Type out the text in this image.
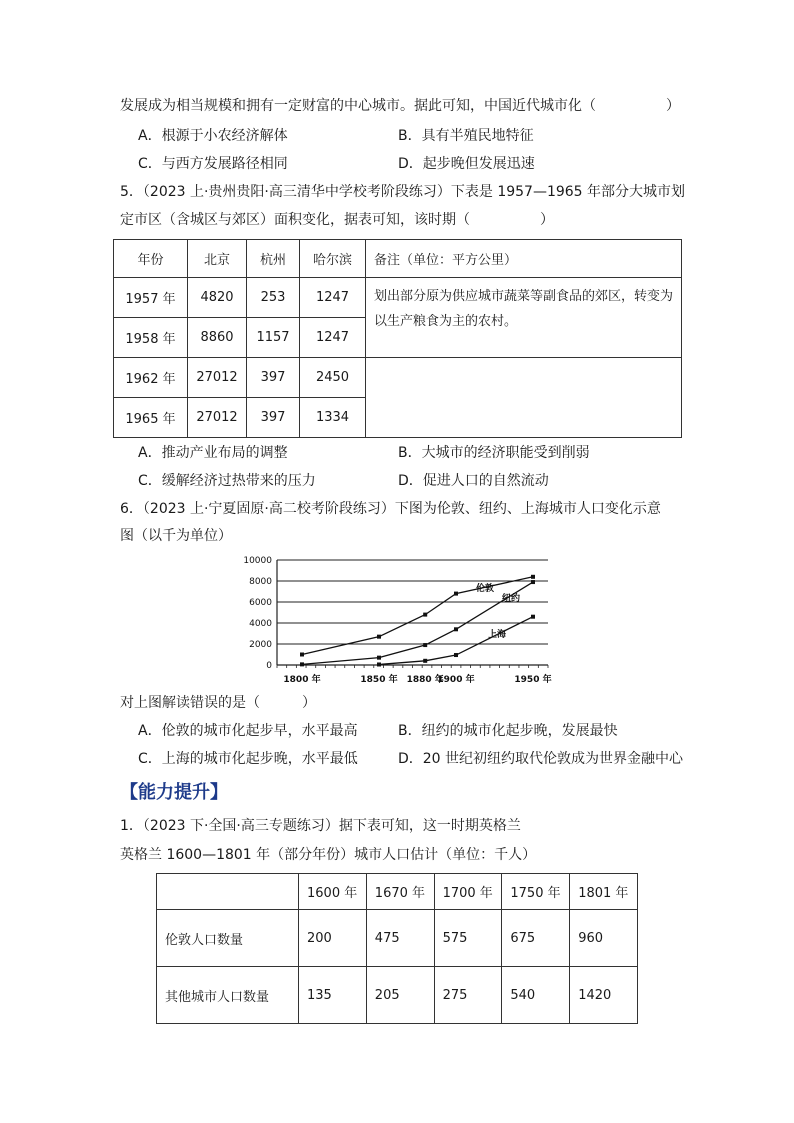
发展成为相当规模和拥有一定财富的中心城市。据此可知，中国近代城市化（　　　　　）
A．根源于小农经济解体	B．具有半殖民地特征
C．与西方发展路径相同	D．起步晚但发展迅速
5．（2023 上·贵州贵阳·高三清华中学校考阶段练习）下表是 1957—1965 年部分大城市划
定市区（含城区与郊区）面积变化，据表可知，该时期（　　　　　）
年份	北京	杭州	哈尔滨	备注（单位：平方公里）
1957 年	4820	253	1247	划出部分原为供应城市蔬菜等副食品的郊区，转变为以生产粮食为主的农村。
1958 年	8860	1157	1247	
1962 年	27012	397	2450	
1965 年	27012	397	1334	
A．推动产业布局的调整	B．大城市的经济职能受到削弱
C．缓解经济过热带来的压力	D．促进人口的自然流动
6．（2023 上·宁夏固原·高二校考阶段练习）下图为伦敦、纽约、上海城市人口变化示意
图（以千为单位）
0
2000
4000
6000
8000
10000
1800 年	1850 年 1880 年
1900 年	1950 年
伦敦
纽约
上海
对上图解读错误的是（　　　）
A．伦敦的城市化起步早，水平最高	B．纽约的城市化起步晚，发展最快
C．上海的城市化起步晚，水平最低	D．20 世纪初纽约取代伦敦成为世界金融中心
【能力提升】
1．（2023 下·全国·高三专题练习）据下表可知，这一时期英格兰
英格兰 1600—1801 年（部分年份）城市人口估计（单位：千人）
	1600 年	1670 年	1700 年	1750 年	1801 年
伦敦人口数量	200	475	575	675	960
其他城市人口数量	135	205	275	540	1420
